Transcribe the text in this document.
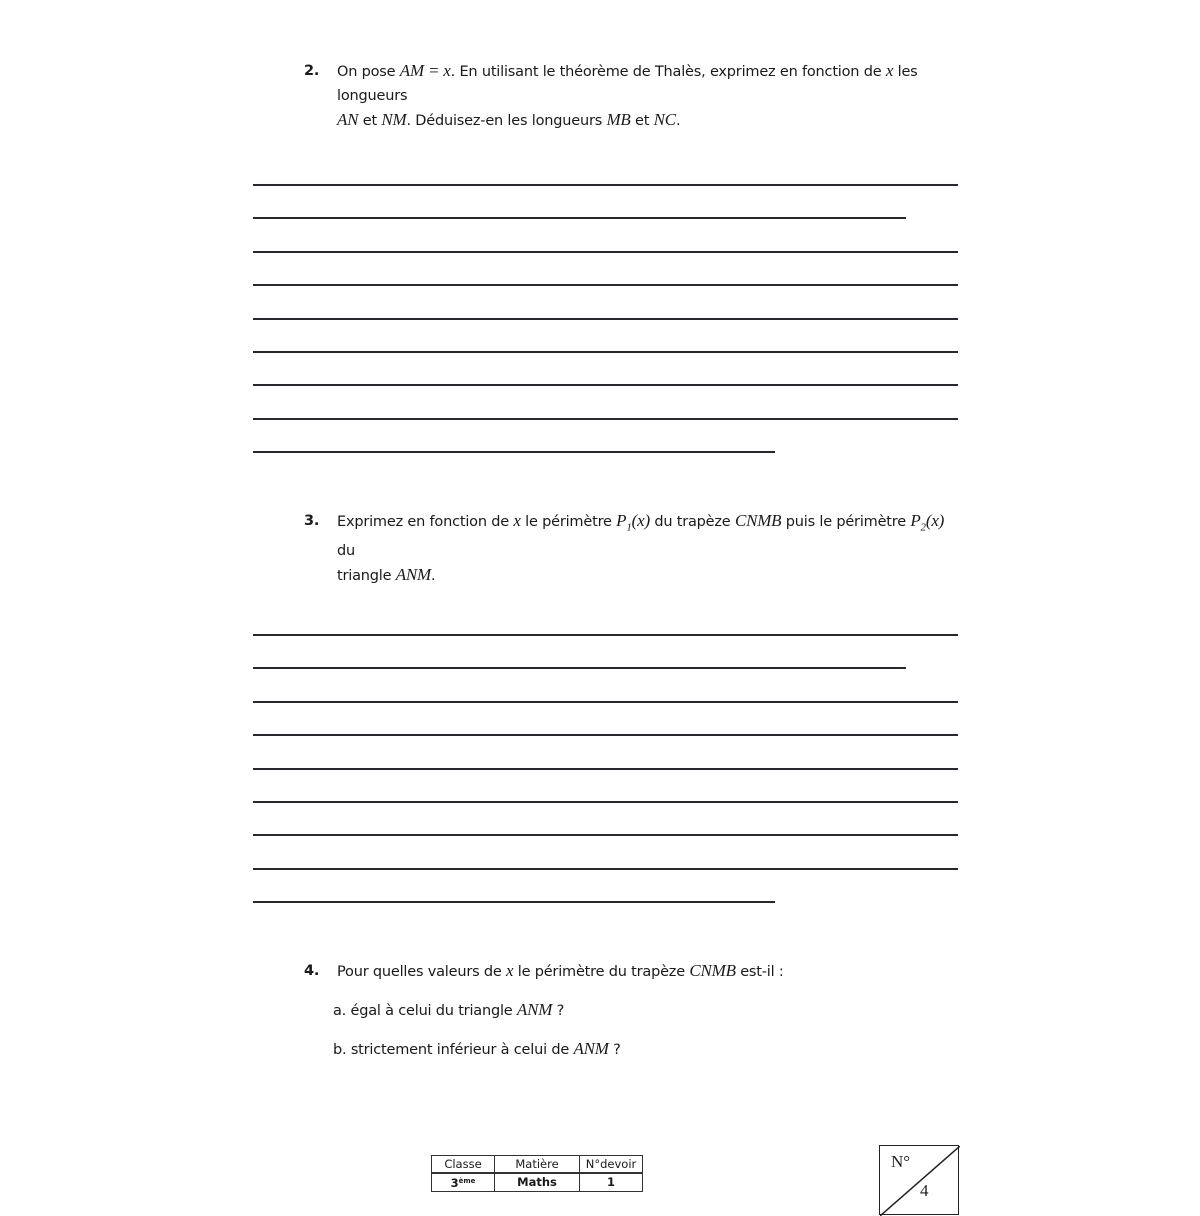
2. On pose AM = x. En utilisant le théorème de Thalès, exprimez en fonction de x les longueurs
AN et NM. Déduisez-en les longueurs MB et NC.
3. Exprimez en fonction de x le périmètre $P_1(x)$ du trapèze CNMB puis le périmètre $P_2(x)$ du
triangle ANM.
4. Pour quelles valeurs de x le périmètre du trapèze CNMB est-il :
a. égal à celui du triangle ANM ?
b. strictement inférieur à celui de ANM ?
Classe	Matière	N°devoir
3ème	Maths	1
N°
4
